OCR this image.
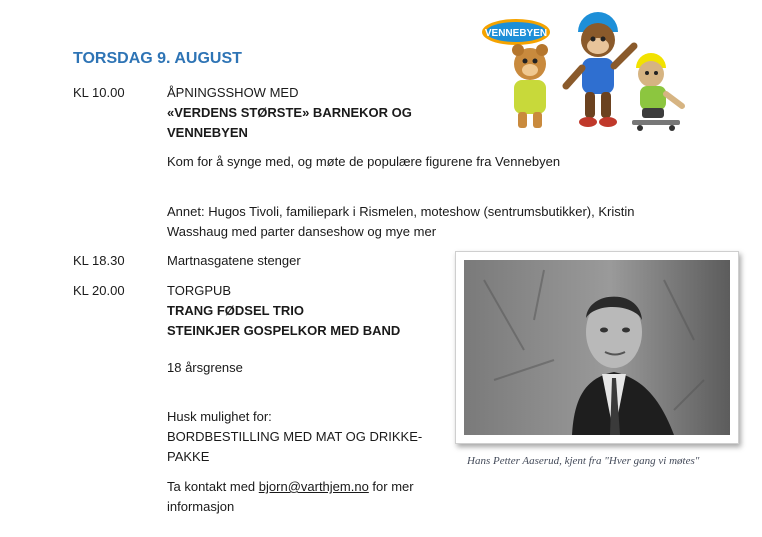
TORSDAG 9. AUGUST
KL 10.00	ÅPNINGSSHOW MED
«VERDENS STØRSTE» BARNEKOR OG
VENNEBYEN
Kom for å synge med, og møte de populære figurene fra Vennebyen
Annet: Hugos Tivoli, familiepark i Rismelen, moteshow (sentrumsbutikker), Kristin
Wasshaug med parter danseshow og mye mer
KL 18.30	Martnasgatene stenger
KL 20.00	TORGPUB
TRANG FØDSEL TRIO
STEINKJER GOSPELKOR MED BAND
18 årsgrense
Husk mulighet for:
BORDBESTILLING MED MAT OG DRIKKE-
PAKKE
Ta kontakt med bjorn@varthjem.no for mer
informasjon
VENNEBYEN

Hans Petter Aaserud, kjent fra "Hver gang vi møtes"
